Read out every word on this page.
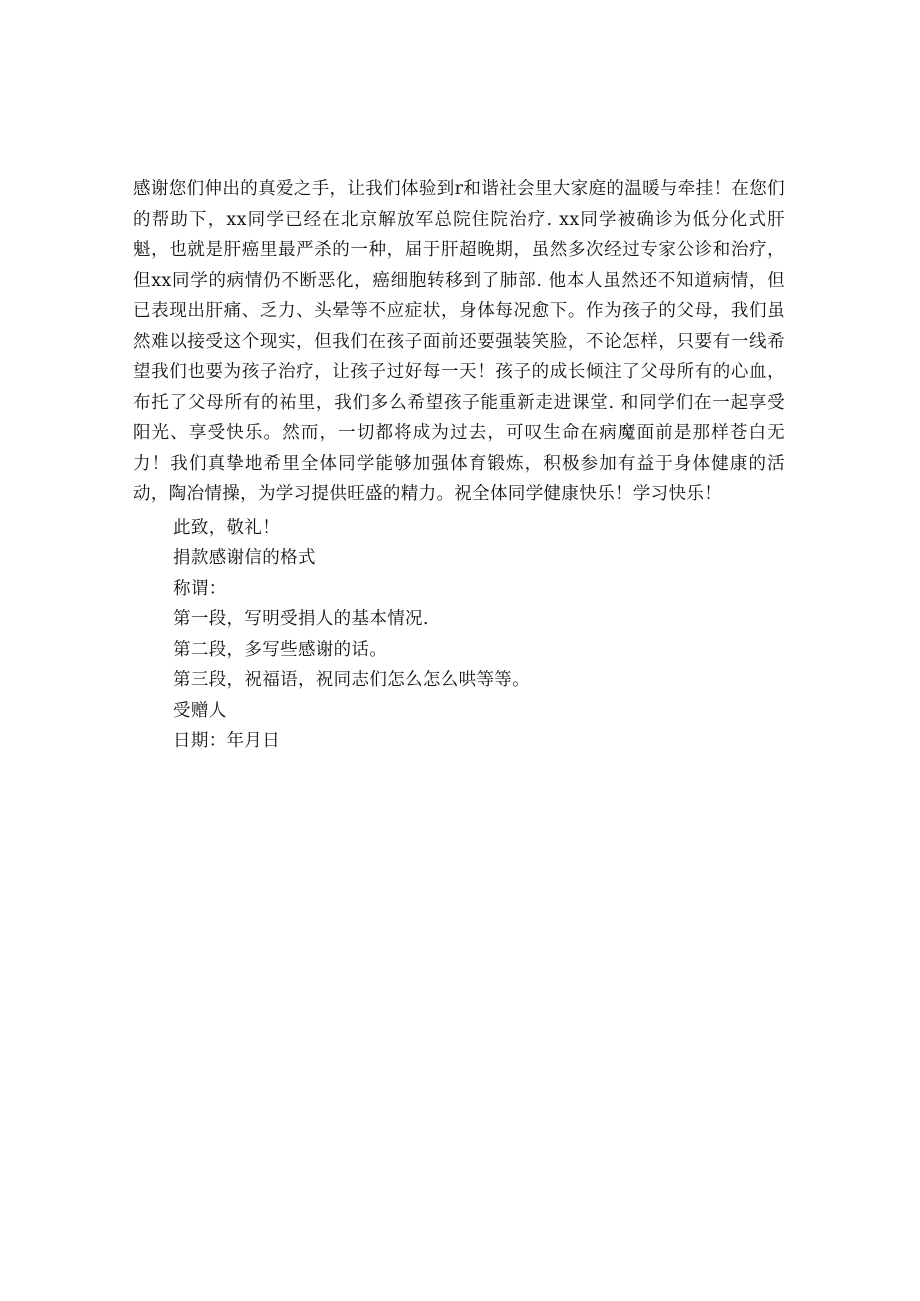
感谢您们伸出的真爱之手，让我们体验到r和谐社会里大家庭的温暖与牵挂！在您们的帮助下，xx同学已经在北京解放军总院住院治疗. xx同学被确诊为低分化式肝魁，也就是肝癌里最严杀的一种，届于肝超晚期，虽然多次经过专家公诊和治疗，但xx同学的病情仍不断恶化，癌细胞转移到了肺部. 他本人虽然还不知道病情，但已表现出肝痛、乏力、头晕等不应症状，身体每况愈下。作为孩子的父母，我们虽然难以接受这个现实，但我们在孩子面前还要强装笑脸，不论怎样，只要有一线希望我们也要为孩子治疗，让孩子过好每一天！孩子的成长倾注了父母所有的心血，布托了父母所有的祐里，我们多么希望孩子能重新走进课堂. 和同学们在一起享受阳光、享受快乐。然而，一切都将成为过去，可叹生命在病魔面前是那样苍白无力！我们真挚地希里全体同学能够加强体育锻炼，积极参加有益于身体健康的活动，陶冶情操，为学习提供旺盛的精力。祝全体同学健康快乐！学习快乐！

此致，敬礼！

捐款感谢信的格式

称谓：

第一段，写明受捐人的基本情况.

第二段，多写些感谢的话。

第三段，祝福语，祝同志们怎么怎么哄等等。

受赠人

日期：年月日
